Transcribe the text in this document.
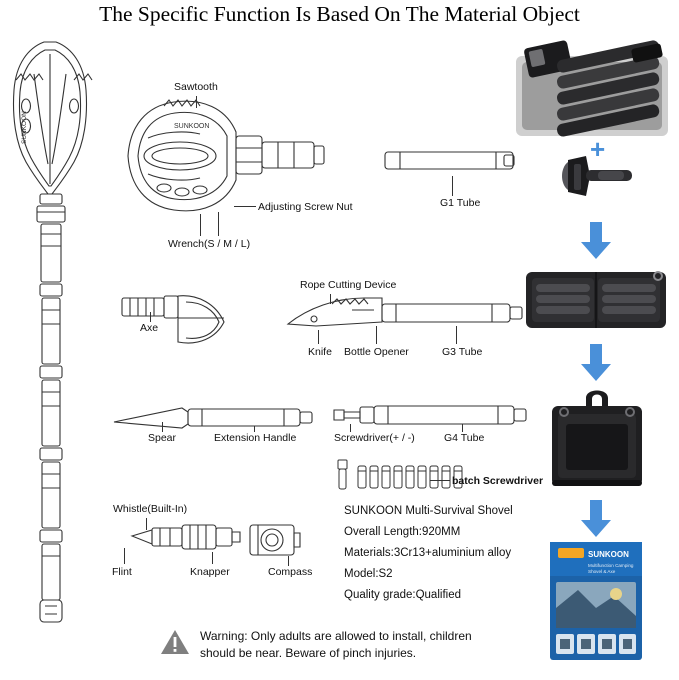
The Specific Function Is Based On The Material Object
SUNKOON	SUNKOON
Sawtooth
Adjusting Screw Nut
Wrench(S / M / L)
G1 Tube
Axe
Rope Cutting Device
Knife Bottle Opener	G3 Tube
Spear	Extension Handle	Screwdriver(+ / -)	G4 Tube
batch Screwdriver
Whistle(Built-In)
Flint	Knapper	Compass
SUNKOON Multi-Survival Shovel
Overall Length:920MM
Materials:3Cr13+aluminium alloy
Model:S2
Quality grade:Qualified
Warning: Only adults are allowed to install, children
should be near. Beware of pinch injuries.
+
SUNKOON
Multifunction Camping
Shovel & Axe
